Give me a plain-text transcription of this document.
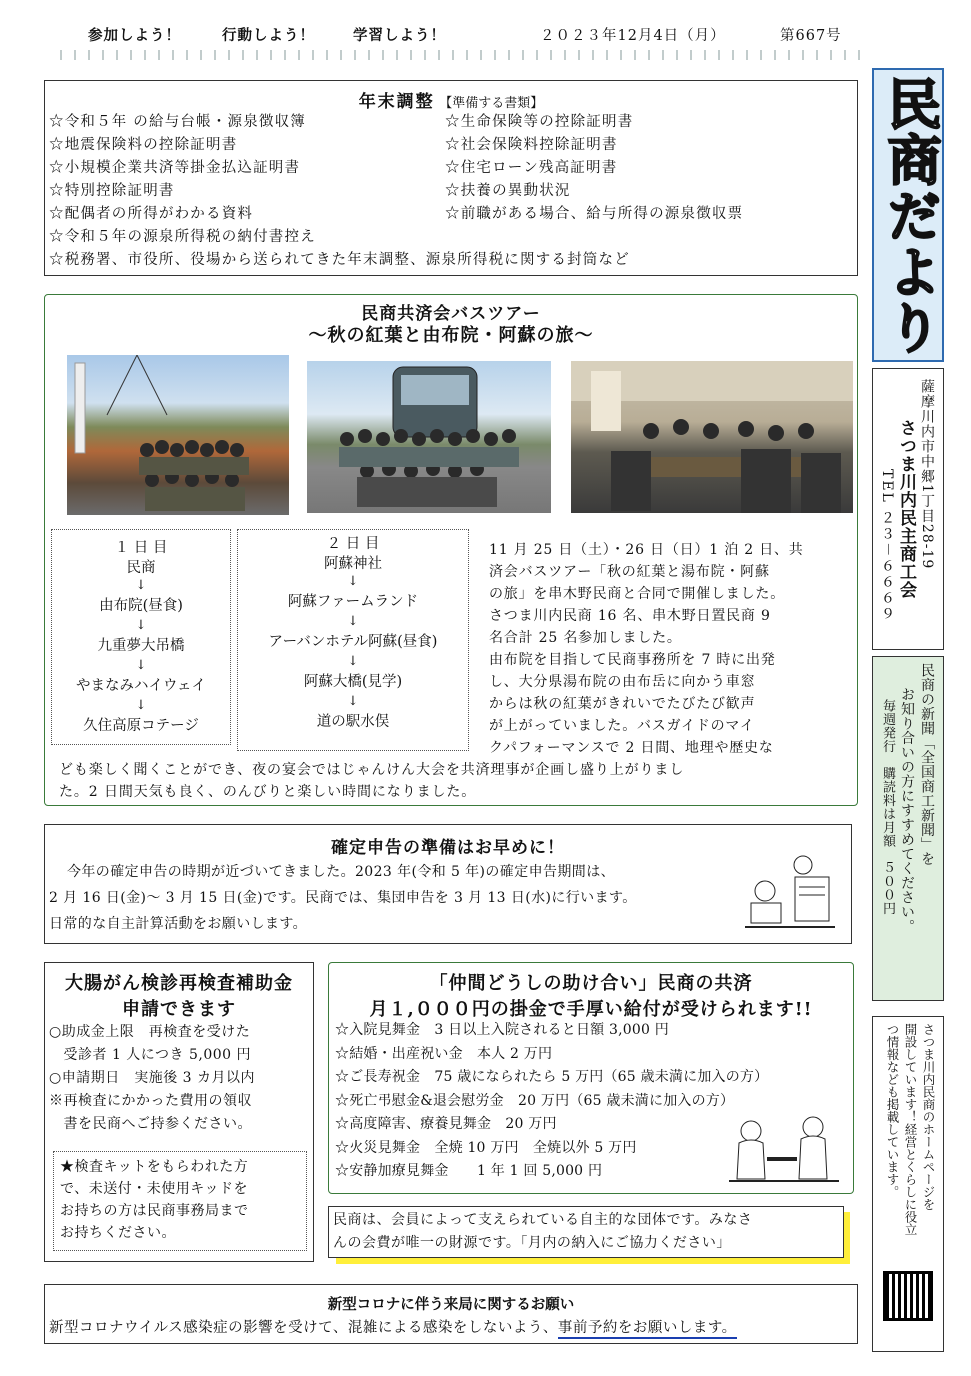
参加しよう！	行動しよう！	学習しよう！	２０２３年12月4日（月）	第667号
民商だより
薩摩川内市中郷1丁目28-19
さつま川内民主商工会
TEL ２３－６６６９
民商の新聞「全国商工新聞」を
お知り合いの方にすすめてください。
毎週発行　購読料は月額　５００円
さつま川内民商のホームページを
開設しています！経営とくらしに役立
つ情報なども掲載しています。
年末調整 【準備する書類】
☆令和５年 の給与台帳・源泉徴収簿
☆地震保険料の控除証明書
☆小規模企業共済等掛金払込証明書
☆特別控除証明書
☆配偶者の所得がわかる資料
☆令和５年の源泉所得税の納付書控え
☆税務署、市役所、役場から送られてきた年末調整、源泉所得税に関する封筒など
☆生命保険等の控除証明書
☆社会保険料控除証明書
☆住宅ローン残高証明書
☆扶養の異動状況
☆前職がある場合、給与所得の源泉徴収票
民商共済会バスツアー
～秋の紅葉と由布院・阿蘇の旅～
１ 日 目
民商
↓
由布院(昼食)
↓
九重夢大吊橋
↓
やまなみハイウェイ
↓
久住高原コテージ
２ 日 目
阿蘇神社
↓
阿蘇ファームランド
↓
アーバンホテル阿蘇(昼食)
↓
阿蘇大橋(見学)
↓
道の駅水俣
11 月 25 日（土）・26 日（日）1 泊 2 日、共
済会バスツアー「秋の紅葉と湯布院・阿蘇
の旅」を串木野民商と合同で開催しました。
さつま川内民商 16 名、串木野日置民商 9
名合計 25 名参加しました。
由布院を目指して民商事務所を 7 時に出発
し、大分県湯布院の由布岳に向かう車窓
からは秋の紅葉がきれいでたびたび歓声
が上がっていました。バスガイドのマイ
クパフォーマンスで 2 日間、地理や歴史な
ども楽しく聞くことができ、夜の宴会ではじゃんけん大会を共済理事が企画し盛り上がりまし
た。2 日間天気も良く、のんびりと楽しい時間になりました。
確定申告の準備はお早めに！
今年の確定申告の時期が近づいてきました。2023 年(令和 5 年)の確定申告期間は、
2 月 16 日(金)～ 3 月 15 日(金)です。民商では、集団申告を 3 月 13 日(水)に行います。
日常的な自主計算活動をお願いします。
大腸がん検診再検査補助金
申請できます
○助成金上限　再検査を受けた
　受診者 1 人につき 5,000 円
○申請期日　実施後 3 カ月以内
※再検査にかかった費用の領収
　書を民商へご持参ください。
★検査キットをもらわれた方
で、未送付・未使用キッドを
お持ちの方は民商事務局まで
お持ちください。
「仲間どうしの助け合い」民商の共済
月１,０００円の掛金で手厚い給付が受けられます!!
☆入院見舞金　3 日以上入院されると日額 3,000 円
☆結婚・出産祝い金　本人 2 万円
☆ご長寿祝金　75 歳になられたら 5 万円（65 歳未満に加入の方）
☆死亡弔慰金&退会慰労金　20 万円（65 歳未満に加入の方）
☆高度障害、療養見舞金　20 万円
☆火災見舞金　全焼 10 万円　全焼以外 5 万円
☆安静加療見舞金　　1 年 1 回 5,000 円
民商は、会員によって支えられている自主的な団体です。みなさ
んの会費が唯一の財源です。「月内の納入にご協力ください」
新型コロナに伴う来局に関するお願い
新型コロナウイルス感染症の影響を受けて、混雑による感染をしないよう、事前予約をお願いします。
